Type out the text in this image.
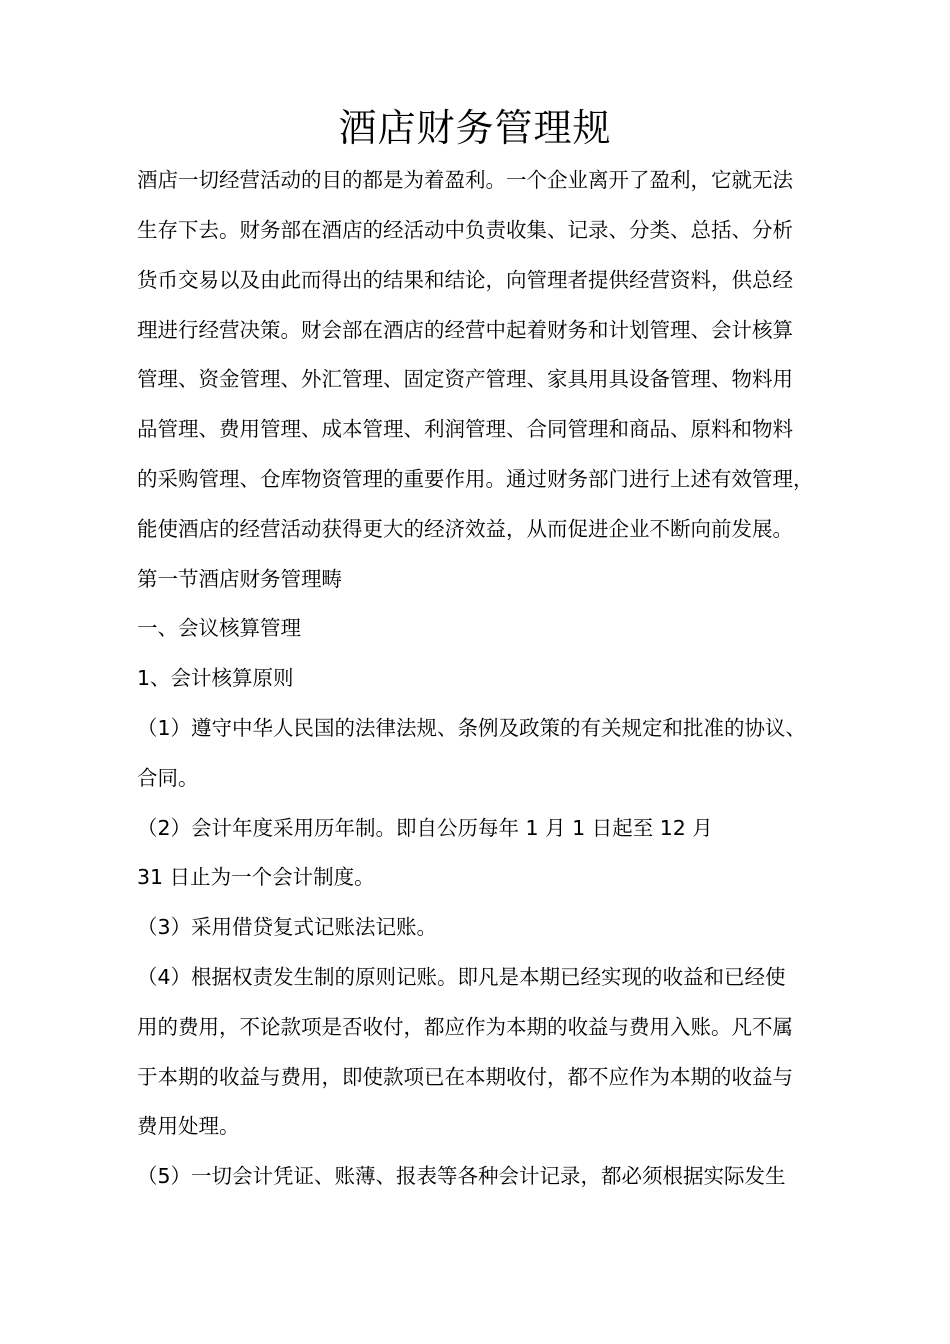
酒店财务管理规

酒店一切经营活动的目的都是为着盈利。一个企业离开了盈利，它就无法

生存下去。财务部在酒店的经活动中负责收集、记录、分类、总括、分析

货币交易以及由此而得出的结果和结论，向管理者提供经营资料，供总经

理进行经营决策。财会部在酒店的经营中起着财务和计划管理、会计核算

管理、资金管理、外汇管理、固定资产管理、家具用具设备管理、物料用

品管理、费用管理、成本管理、利润管理、合同管理和商品、原料和物料

的采购管理、仓库物资管理的重要作用。通过财务部门进行上述有效管理，

能使酒店的经营活动获得更大的经济效益，从而促进企业不断向前发展。

第一节酒店财务管理畴

一、会议核算管理

1、会计核算原则

（1）遵守中华人民国的法律法规、条例及政策的有关规定和批准的协议、

合同。

（2）会计年度采用历年制。即自公历每年 1 月 1 日起至 12 月

31 日止为一个会计制度。

（3）采用借贷复式记账法记账。

（4）根据权责发生制的原则记账。即凡是本期已经实现的收益和已经使

用的费用，不论款项是否收付，都应作为本期的收益与费用入账。凡不属

于本期的收益与费用，即使款项已在本期收付，都不应作为本期的收益与

费用处理。

（5）一切会计凭证、账薄、报表等各种会计记录，都必须根据实际发生
